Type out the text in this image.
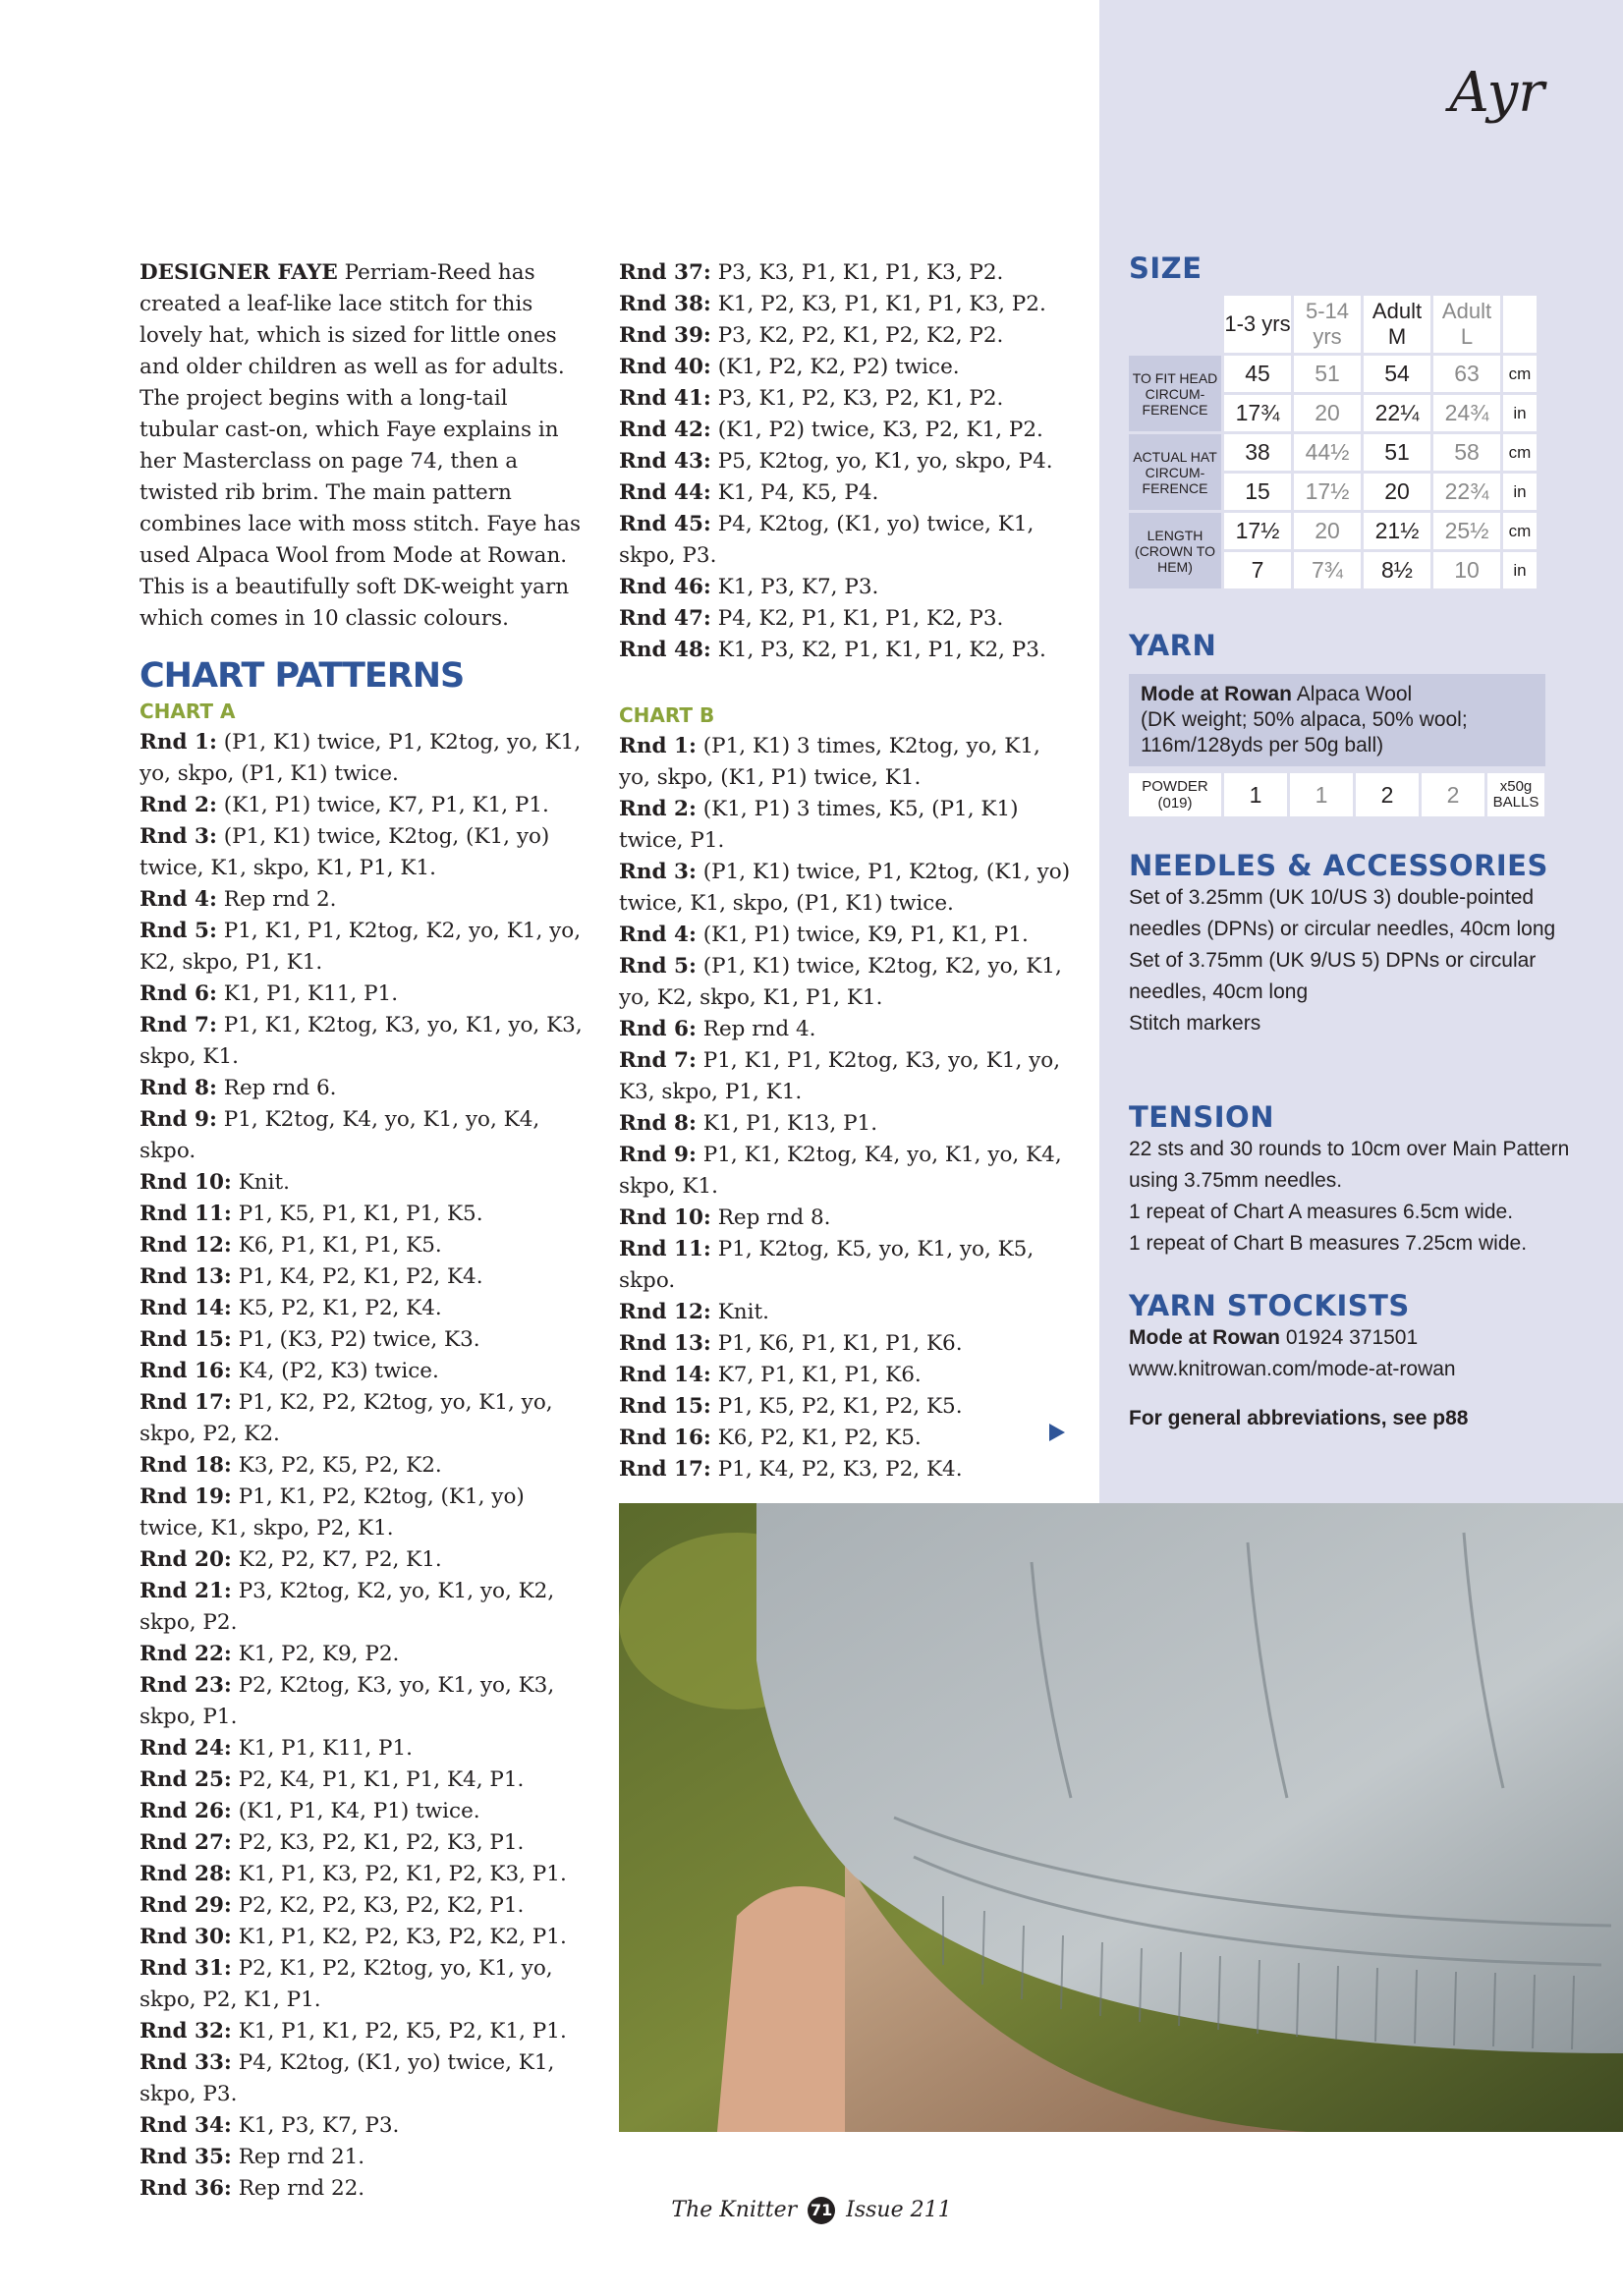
Ayr

DESIGNER FAYE Perriam-Reed has created a leaf-like lace stitch for this lovely hat, which is sized for little ones and older children as well as for adults. The project begins with a long-tail tubular cast-on, which Faye explains in her Masterclass on page 74, then a twisted rib brim. The main pattern combines lace with moss stitch. Faye has used Alpaca Wool from Mode at Rowan. This is a beautifully soft DK-weight yarn which comes in 10 classic colours.

CHART PATTERNS
CHART A

Rnd 1: (P1, K1) twice, P1, K2tog, yo, K1, yo, skpo, (P1, K1) twice.

Rnd 2: (K1, P1) twice, K7, P1, K1, P1.

Rnd 3: (P1, K1) twice, K2tog, (K1, yo) twice, K1, skpo, K1, P1, K1.

Rnd 4: Rep rnd 2.

Rnd 5: P1, K1, P1, K2tog, K2, yo, K1, yo, K2, skpo, P1, K1.

Rnd 6: K1, P1, K11, P1.

Rnd 7: P1, K1, K2tog, K3, yo, K1, yo, K3, skpo, K1.

Rnd 8: Rep rnd 6.

Rnd 9: P1, K2tog, K4, yo, K1, yo, K4, skpo.

Rnd 10: Knit.

Rnd 11: P1, K5, P1, K1, P1, K5.

Rnd 12: K6, P1, K1, P1, K5.

Rnd 13: P1, K4, P2, K1, P2, K4.

Rnd 14: K5, P2, K1, P2, K4.

Rnd 15: P1, (K3, P2) twice, K3.

Rnd 16: K4, (P2, K3) twice.

Rnd 17: P1, K2, P2, K2tog, yo, K1, yo, skpo, P2, K2.

Rnd 18: K3, P2, K5, P2, K2.

Rnd 19: P1, K1, P2, K2tog, (K1, yo) twice, K1, skpo, P2, K1.

Rnd 20: K2, P2, K7, P2, K1.

Rnd 21: P3, K2tog, K2, yo, K1, yo, K2, skpo, P2.

Rnd 22: K1, P2, K9, P2.

Rnd 23: P2, K2tog, K3, yo, K1, yo, K3, skpo, P1.

Rnd 24: K1, P1, K11, P1.

Rnd 25: P2, K4, P1, K1, P1, K4, P1.

Rnd 26: (K1, P1, K4, P1) twice.

Rnd 27: P2, K3, P2, K1, P2, K3, P1.

Rnd 28: K1, P1, K3, P2, K1, P2, K3, P1.

Rnd 29: P2, K2, P2, K3, P2, K2, P1.

Rnd 30: K1, P1, K2, P2, K3, P2, K2, P1.

Rnd 31: P2, K1, P2, K2tog, yo, K1, yo, skpo, P2, K1, P1.

Rnd 32: K1, P1, K1, P2, K5, P2, K1, P1.

Rnd 33: P4, K2tog, (K1, yo) twice, K1, skpo, P3.

Rnd 34: K1, P3, K7, P3.

Rnd 35: Rep rnd 21.

Rnd 36: Rep rnd 22.

Rnd 37: P3, K3, P1, K1, P1, K3, P2.

Rnd 38: K1, P2, K3, P1, K1, P1, K3, P2.

Rnd 39: P3, K2, P2, K1, P2, K2, P2.

Rnd 40: (K1, P2, K2, P2) twice.

Rnd 41: P3, K1, P2, K3, P2, K1, P2.

Rnd 42: (K1, P2) twice, K3, P2, K1, P2.

Rnd 43: P5, K2tog, yo, K1, yo, skpo, P4.

Rnd 44: K1, P4, K5, P4.

Rnd 45: P4, K2tog, (K1, yo) twice, K1, skpo, P3.

Rnd 46: K1, P3, K7, P3.

Rnd 47: P4, K2, P1, K1, P1, K2, P3.

Rnd 48: K1, P3, K2, P1, K1, P1, K2, P3.

CHART B

Rnd 1: (P1, K1) 3 times, K2tog, yo, K1, yo, skpo, (K1, P1) twice, K1.

Rnd 2: (K1, P1) 3 times, K5, (P1, K1) twice, P1.

Rnd 3: (P1, K1) twice, P1, K2tog, (K1, yo) twice, K1, skpo, (P1, K1) twice.

Rnd 4: (K1, P1) twice, K9, P1, K1, P1.

Rnd 5: (P1, K1) twice, K2tog, K2, yo, K1, yo, K2, skpo, K1, P1, K1.

Rnd 6: Rep rnd 4.

Rnd 7: P1, K1, P1, K2tog, K3, yo, K1, yo, K3, skpo, P1, K1.

Rnd 8: K1, P1, K13, P1.

Rnd 9: P1, K1, K2tog, K4, yo, K1, yo, K4, skpo, K1.

Rnd 10: Rep rnd 8.

Rnd 11: P1, K2tog, K5, yo, K1, yo, K5, skpo.

Rnd 12: Knit.

Rnd 13: P1, K6, P1, K1, P1, K6.

Rnd 14: K7, P1, K1, P1, K6.

Rnd 15: P1, K5, P2, K1, P2, K5.

Rnd 16: K6, P2, K1, P2, K5.

Rnd 17: P1, K4, P2, K3, P2, K4.

SIZE
	1-3 yrs	5-14 yrs	Adult M	Adult L	
TO FIT HEAD CIRCUM-FERENCE	45	51	54	63	cm
	17¾	20	22¼	24¾	in
ACTUAL HAT CIRCUM-FERENCE	38	44½	51	58	cm
	15	17½	20	22¾	in
LENGTH (CROWN TO HEM)	17½	20	21½	25½	cm
	7	7¾	8½	10	in
YARN
Mode at Rowan Alpaca Wool
(DK weight; 50% alpaca, 50% wool; 116m/128yds per 50g ball)
POWDER (019)	1	1	2	2	x50g BALLS
NEEDLES & ACCESSORIES

Set of 3.25mm (UK 10/US 3) double-pointed needles (DPNs) or circular needles, 40cm long

Set of 3.75mm (UK 9/US 5) DPNs or circular needles, 40cm long

Stitch markers

TENSION

22 sts and 30 rounds to 10cm over Main Pattern using 3.75mm needles.

1 repeat of Chart A measures 6.5cm wide.

1 repeat of Chart B measures 7.25cm wide.

YARN STOCKISTS

Mode at Rowan 01924 371501

www.knitrowan.com/mode-at-rowan

For general abbreviations, see p88

The Knitter 71 Issue 211
